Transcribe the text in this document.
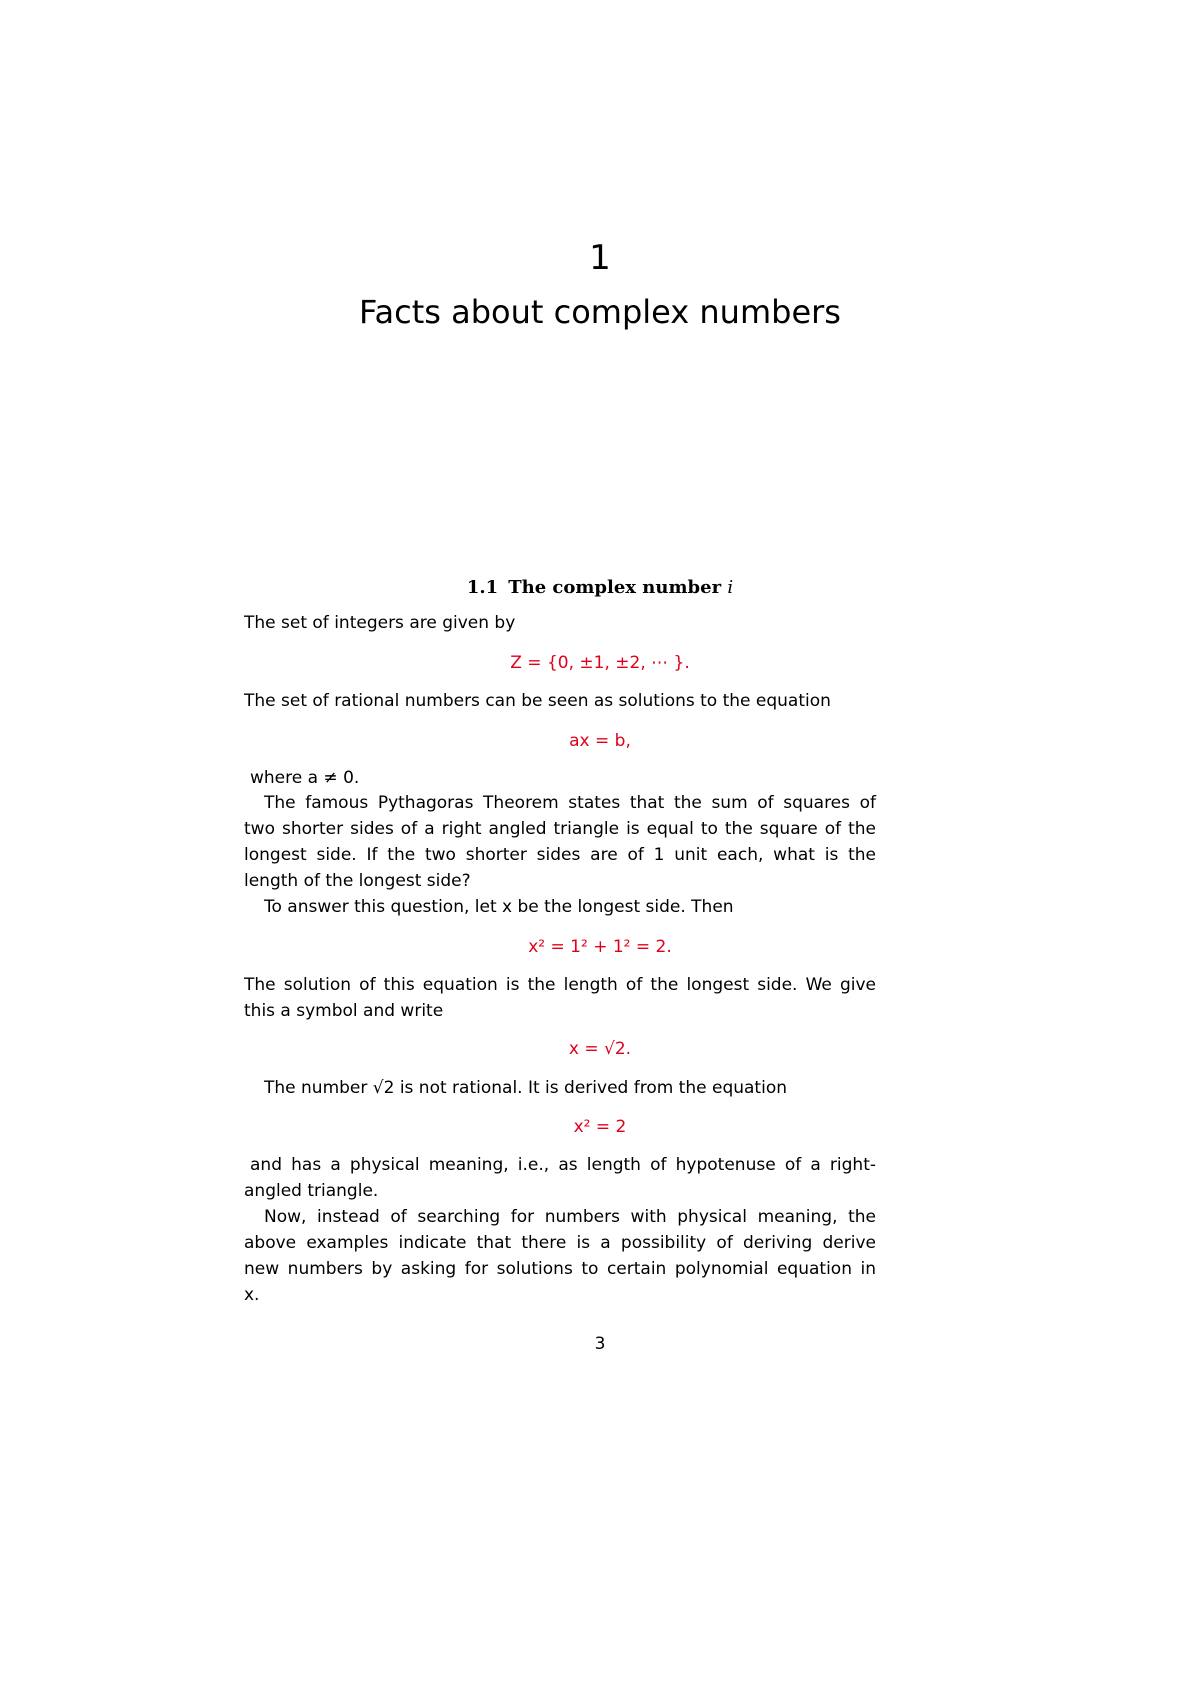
1
Facts about complex numbers
1.1 The complex number i
The set of integers are given by
Z = {0, ±1, ±2, ⋯ }.
The set of rational numbers can be seen as solutions to the equation
ax = b,
where a ≠ 0.
The famous Pythagoras Theorem states that the sum of squares of
two shorter sides of a right angled triangle is equal to the square of the
longest side. If the two shorter sides are of 1 unit each, what is the
length of the longest side?
To answer this question, let x be the longest side. Then
x² = 1² + 1² = 2.
The solution of this equation is the length of the longest side. We give
this a symbol and write
x = √2.
The number √2 is not rational. It is derived from the equation
x² = 2
and has a physical meaning, i.e., as length of hypotenuse of a right-
angled triangle.
Now, instead of searching for numbers with physical meaning, the
above examples indicate that there is a possibility of deriving derive
new numbers by asking for solutions to certain polynomial equation in
x.
3
